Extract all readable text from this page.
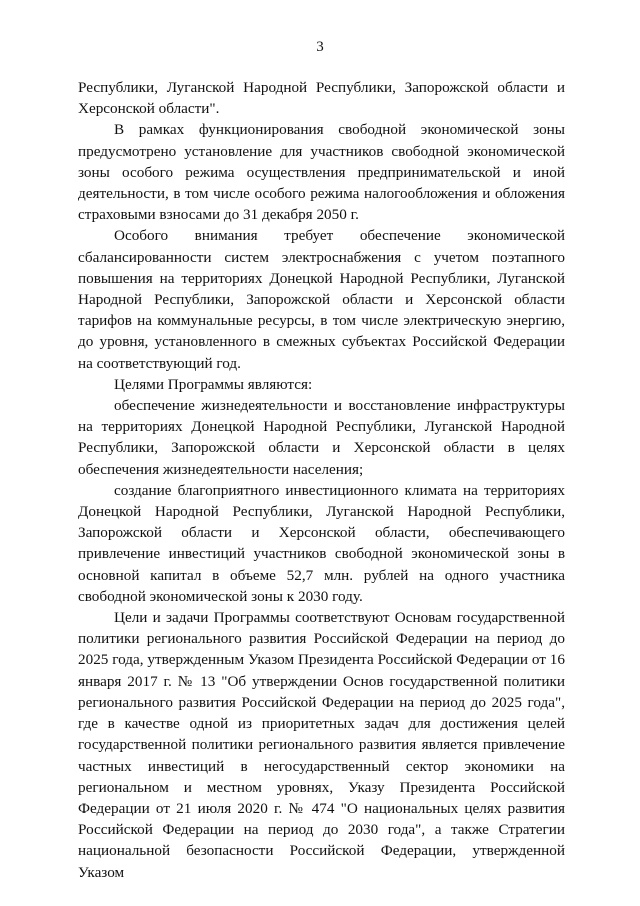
3

Республики, Луганской Народной Республики, Запорожской области и Херсонской области".

В рамках функционирования свободной экономической зоны предусмотрено установление для участников свободной экономической зоны особого режима осуществления предпринимательской и иной деятельности, в том числе особого режима налогообложения и обложения страховыми взносами до 31 декабря 2050 г.

Особого внимания требует обеспечение экономической сбалансированности систем электроснабжения с учетом поэтапного повышения на территориях Донецкой Народной Республики, Луганской Народной Республики, Запорожской области и Херсонской области тарифов на коммунальные ресурсы, в том числе электрическую энергию, до уровня, установленного в смежных субъектах Российской Федерации на соответствующий год.

Целями Программы являются:

обеспечение жизнедеятельности и восстановление инфраструктуры на территориях Донецкой Народной Республики, Луганской Народной Республики, Запорожской области и Херсонской области в целях обеспечения жизнедеятельности населения;

создание благоприятного инвестиционного климата на территориях Донецкой Народной Республики, Луганской Народной Республики, Запорожской области и Херсонской области, обеспечивающего привлечение инвестиций участников свободной экономической зоны в основной капитал в объеме 52,7 млн. рублей на одного участника свободной экономической зоны к 2030 году.

Цели и задачи Программы соответствуют Основам государственной политики регионального развития Российской Федерации на период до 2025 года, утвержденным Указом Президента Российской Федерации от 16 января 2017 г. № 13 "Об утверждении Основ государственной политики регионального развития Российской Федерации на период до 2025 года", где в качестве одной из приоритетных задач для достижения целей государственной политики регионального развития является привлечение частных инвестиций в негосударственный сектор экономики на региональном и местном уровнях, Указу Президента Российской Федерации от 21 июля 2020 г. № 474 "О национальных целях развития Российской Федерации на период до 2030 года", а также Стратегии национальной безопасности Российской Федерации, утвержденной Указом
